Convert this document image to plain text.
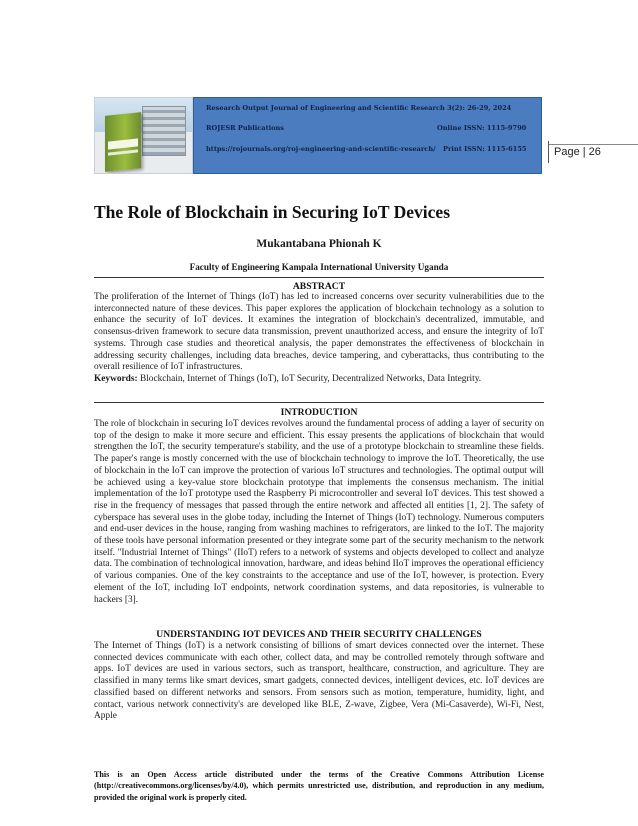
Research Output Journal of Engineering and Scientific Research 3(2): 26-29, 2024
ROJESR Publications	Online ISSN: 1115-9790
https://rojournals.org/roj-engineering-and-scientific-research/ Print ISSN: 1115-6155	Page | 26
The Role of Blockchain in Securing IoT Devices
Mukantabana Phionah K
Faculty of Engineering Kampala International University Uganda
ABSTRACT
The proliferation of the Internet of Things (IoT) has led to increased concerns over security vulnerabilities due to the interconnected nature of these devices. This paper explores the application of blockchain technology as a solution to enhance the security of IoT devices. It examines the integration of blockchain's decentralized, immutable, and consensus-driven framework to secure data transmission, prevent unauthorized access, and ensure the integrity of IoT systems. Through case studies and theoretical analysis, the paper demonstrates the effectiveness of blockchain in addressing security challenges, including data breaches, device tampering, and cyberattacks, thus contributing to the overall resilience of IoT infrastructures.
Keywords: Blockchain, Internet of Things (IoT), IoT Security, Decentralized Networks, Data Integrity.
INTRODUCTION
The role of blockchain in securing IoT devices revolves around the fundamental process of adding a layer of security on top of the design to make it more secure and efficient. This essay presents the applications of blockchain that would strengthen the IoT, the security temperature's stability, and the use of a prototype blockchain to streamline these fields. The paper's range is mostly concerned with the use of blockchain technology to improve the IoT. Theoretically, the use of blockchain in the IoT can improve the protection of various IoT structures and technologies. The optimal output will be achieved using a key-value store blockchain prototype that implements the consensus mechanism. The initial implementation of the IoT prototype used the Raspberry Pi microcontroller and several IoT devices. This test showed a rise in the frequency of messages that passed through the entire network and affected all entities [1, 2]. The safety of cyberspace has several uses in the globe today, including the Internet of Things (IoT) technology. Numerous computers and end-user devices in the house, ranging from washing machines to refrigerators, are linked to the IoT. The majority of these tools have personal information presented or they integrate some part of the security mechanism to the network itself. "Industrial Internet of Things" (IIoT) refers to a network of systems and objects developed to collect and analyze data. The combination of technological innovation, hardware, and ideas behind IIoT improves the operational efficiency of various companies. One of the key constraints to the acceptance and use of the IoT, however, is protection. Every element of the IoT, including IoT endpoints, network coordination systems, and data repositories, is vulnerable to hackers [3].
UNDERSTANDING IOT DEVICES AND THEIR SECURITY CHALLENGES
The Internet of Things (IoT) is a network consisting of billions of smart devices connected over the internet. These connected devices communicate with each other, collect data, and may be controlled remotely through software and apps. IoT devices are used in various sectors, such as transport, healthcare, construction, and agriculture. They are classified in many terms like smart devices, smart gadgets, connected devices, intelligent devices, etc. IoT devices are classified based on different networks and sensors. From sensors such as motion, temperature, humidity, light, and contact, various network connectivity's are developed like BLE, Z-wave, Zigbee, Vera (Mi-Casaverde), Wi-Fi, Nest, Apple
This is an Open Access article distributed under the terms of the Creative Commons Attribution License (http://creativecommons.org/licenses/by/4.0), which permits unrestricted use, distribution, and reproduction in any medium, provided the original work is properly cited.
